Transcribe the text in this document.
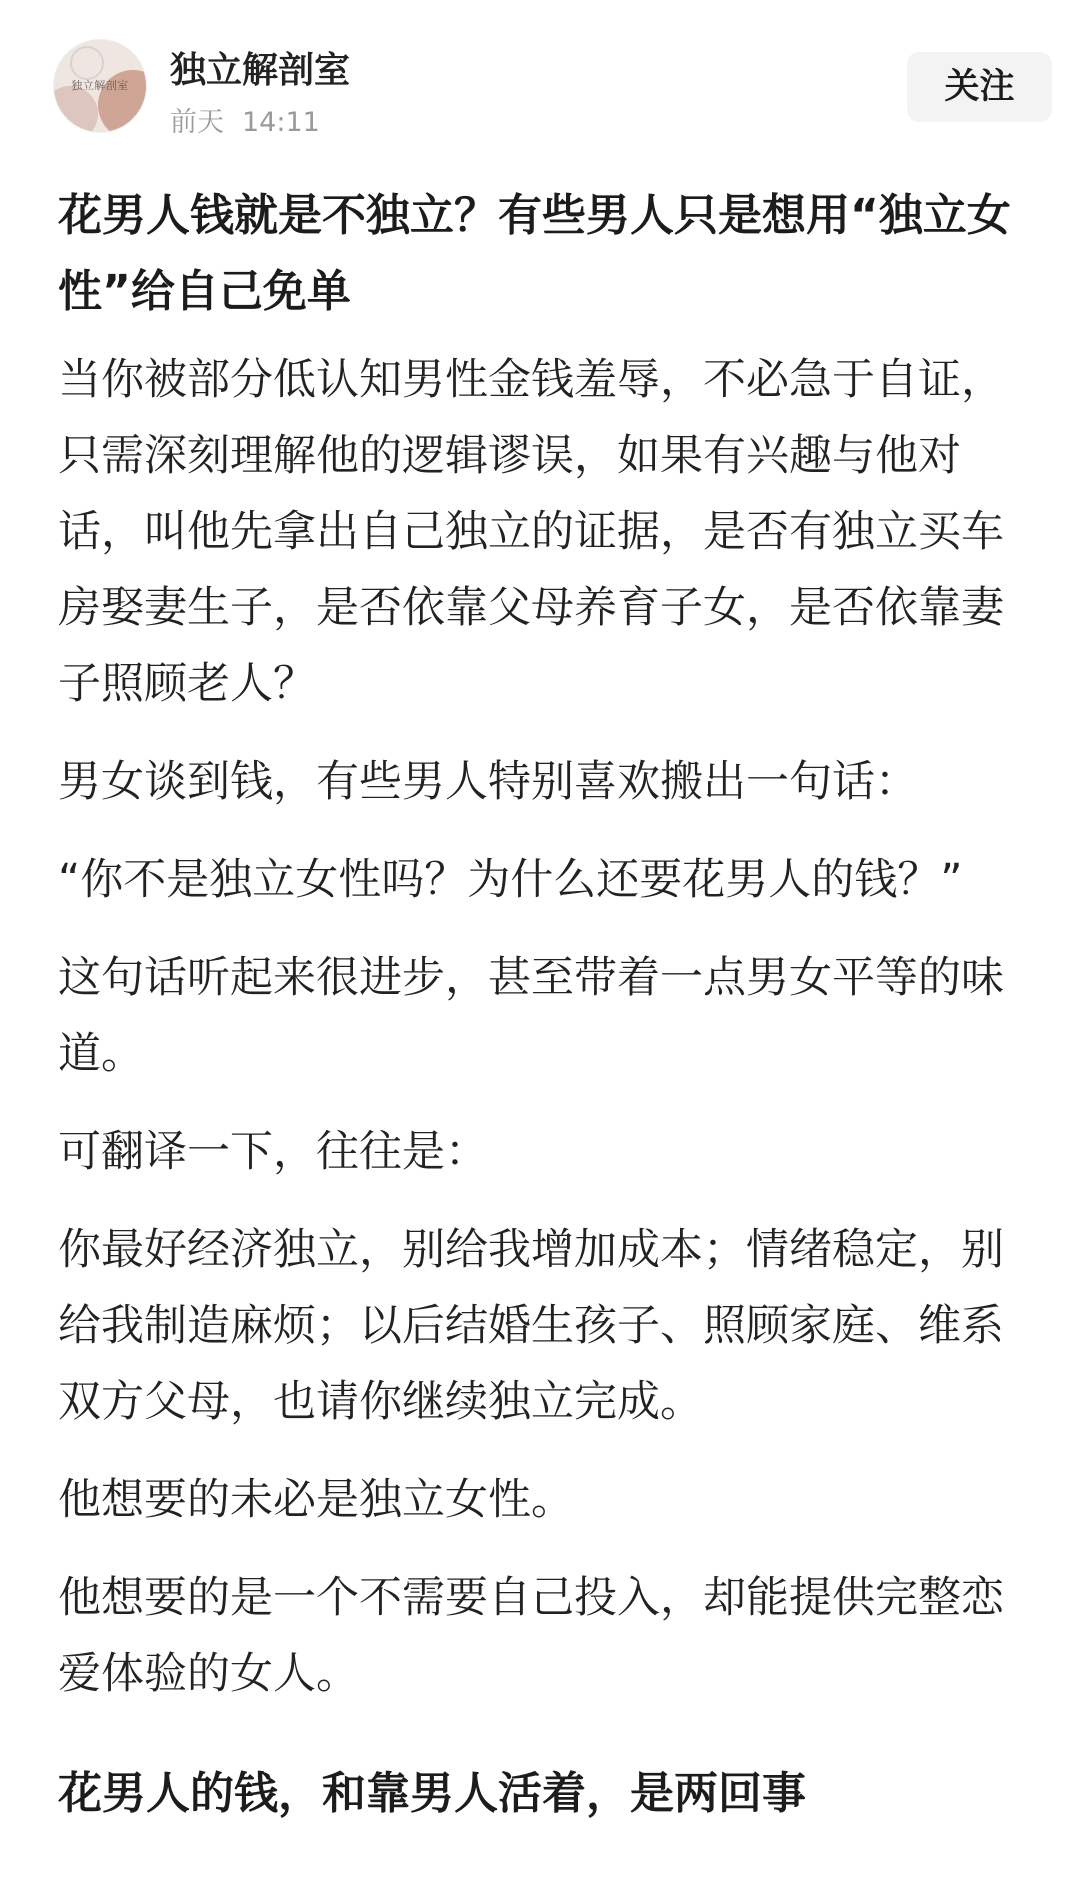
独立解剖室	独立解剖室
前天 14:11
关注
花男人钱就是不独立？有些男人只是想用“独立女性”给自己免单

当你被部分低认知男性金钱羞辱，不必急于自证，只需深刻理解他的逻辑谬误，如果有兴趣与他对话，叫他先拿出自己独立的证据，是否有独立买车房娶妻生子，是否依靠父母养育子女，是否依靠妻子照顾老人？

男女谈到钱，有些男人特别喜欢搬出一句话：

“你不是独立女性吗？为什么还要花男人的钱？”

这句话听起来很进步，甚至带着一点男女平等的味道。

可翻译一下，往往是：

你最好经济独立，别给我增加成本；情绪稳定，别给我制造麻烦；以后结婚生孩子、照顾家庭、维系双方父母，也请你继续独立完成。

他想要的未必是独立女性。

他想要的是一个不需要自己投入，却能提供完整恋爱体验的女人。

花男人的钱，和靠男人活着，是两回事
